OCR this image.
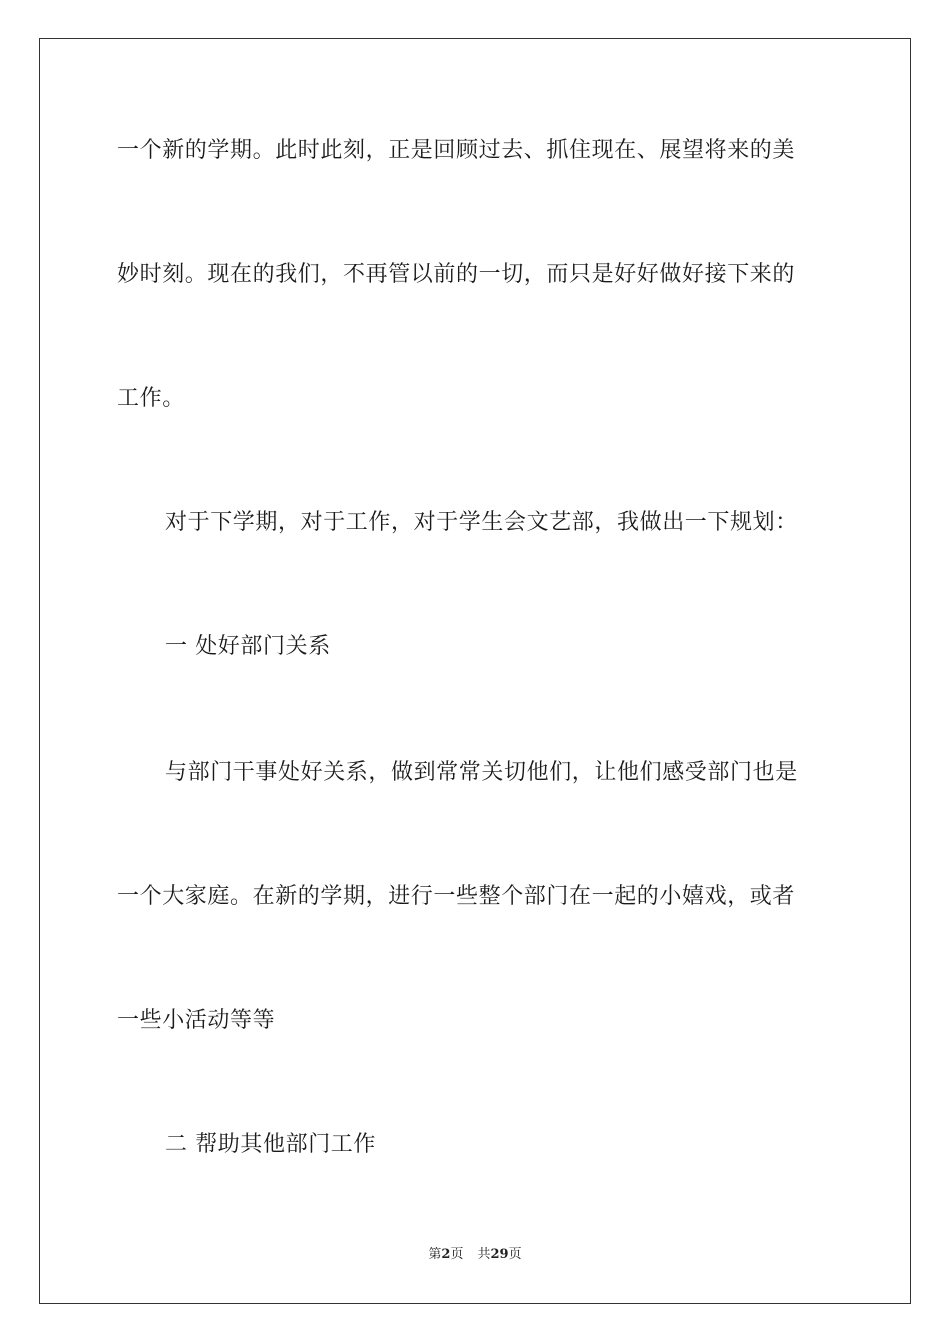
一个新的学期。此时此刻，正是回顾过去、抓住现在、展望将来的美
妙时刻。现在的我们，不再管以前的一切，而只是好好做好接下来的
工作。
对于下学期，对于工作，对于学生会文艺部，我做出一下规划：
一 处好部门关系
与部门干事处好关系，做到常常关切他们，让他们感受部门也是
一个大家庭。在新的学期，进行一些整个部门在一起的小嬉戏，或者
一些小活动等等
二 帮助其他部门工作
第2页 共29页
